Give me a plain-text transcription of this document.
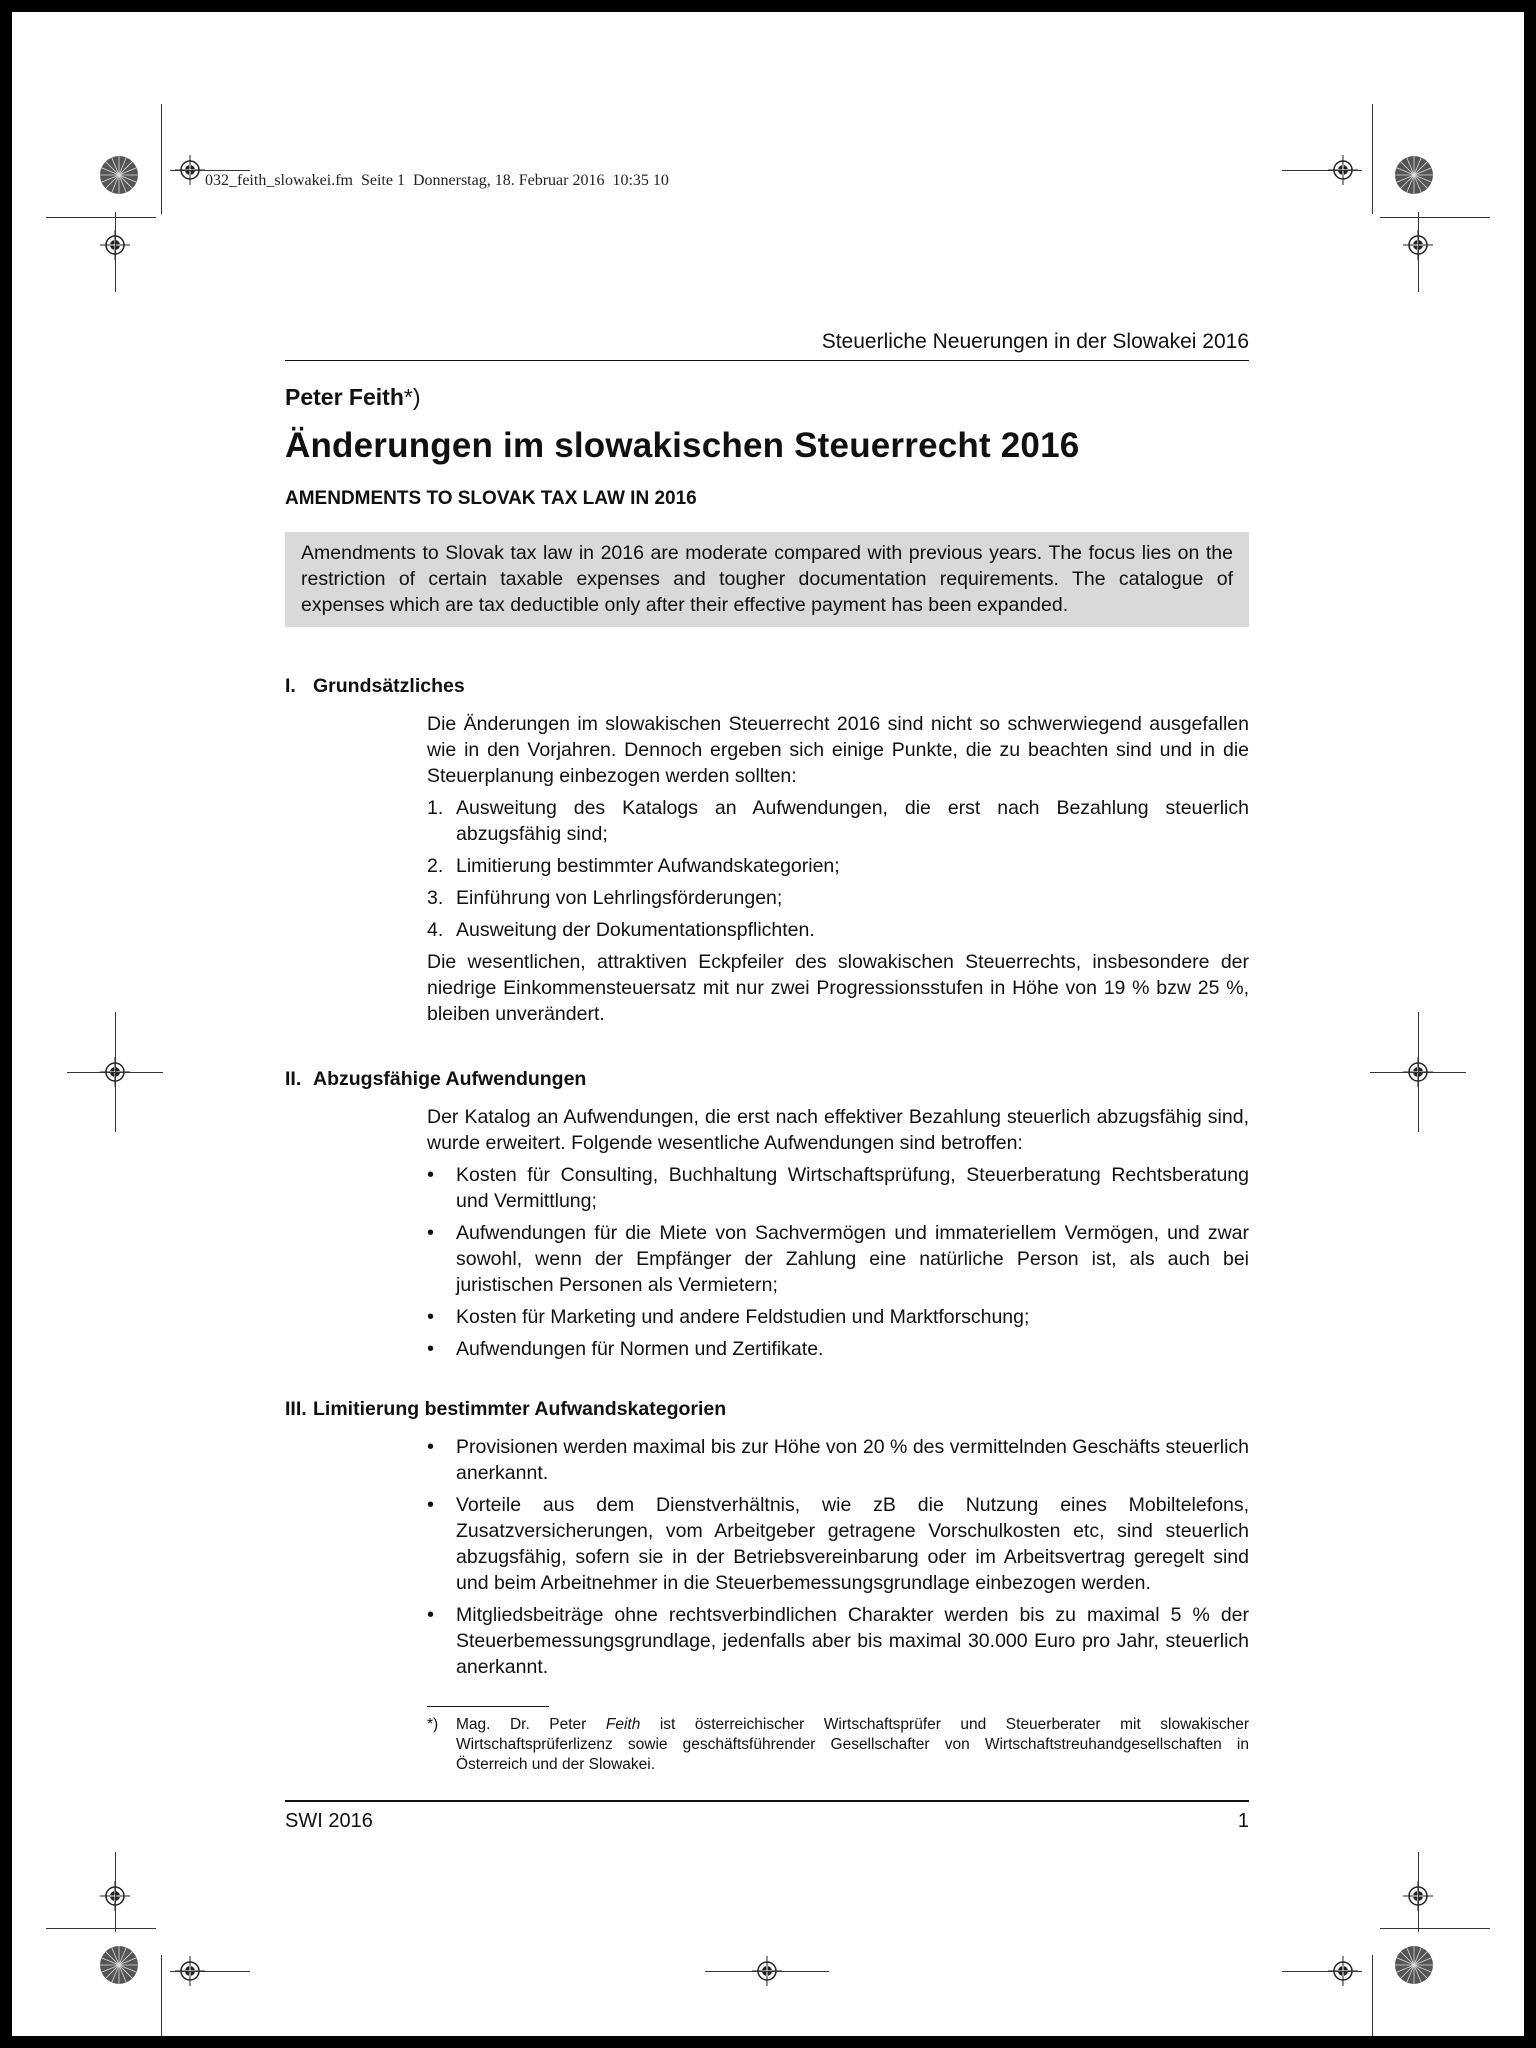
032_feith_slowakei.fm  Seite 1  Donnerstag, 18. Februar 2016  10:35 10
Steuerliche Neuerungen in der Slowakei 2016
Peter Feith*)
Änderungen im slowakischen Steuerrecht 2016
AMENDMENTS TO SLOVAK TAX LAW IN 2016
Amendments to Slovak tax law in 2016 are moderate compared with previous years. The focus lies on the restriction of certain taxable expenses and tougher documentation requirements. The catalogue of expenses which are tax deductible only after their effective payment has been expanded.
I. Grundsätzliches

Die Änderungen im slowakischen Steuerrecht 2016 sind nicht so schwerwiegend ausgefallen wie in den Vorjahren. Dennoch ergeben sich einige Punkte, die zu beachten sind und in die Steuerplanung einbezogen werden sollten:

1. Ausweitung des Katalogs an Aufwendungen, die erst nach Bezahlung steuerlich abzugsfähig sind;
2. Limitierung bestimmter Aufwandskategorien;
3. Einführung von Lehrlingsförderungen;
4. Ausweitung der Dokumentationspflichten.

Die wesentlichen, attraktiven Eckpfeiler des slowakischen Steuerrechts, insbesondere der niedrige Einkommensteuersatz mit nur zwei Progressionsstufen in Höhe von 19 % bzw 25 %, bleiben unverändert.

II. Abzugsfähige Aufwendungen

Der Katalog an Aufwendungen, die erst nach effektiver Bezahlung steuerlich abzugsfähig sind, wurde erweitert. Folgende wesentliche Aufwendungen sind betroffen:

• Kosten für Consulting, Buchhaltung Wirtschaftsprüfung, Steuerberatung Rechtsberatung und Vermittlung;
• Aufwendungen für die Miete von Sachvermögen und immateriellem Vermögen, und zwar sowohl, wenn der Empfänger der Zahlung eine natürliche Person ist, als auch bei juristischen Personen als Vermietern;
• Kosten für Marketing und andere Feldstudien und Marktforschung;
• Aufwendungen für Normen und Zertifikate.
III. Limitierung bestimmter Aufwandskategorien
• Provisionen werden maximal bis zur Höhe von 20 % des vermittelnden Geschäfts steuerlich anerkannt.
• Vorteile aus dem Dienstverhältnis, wie zB die Nutzung eines Mobiltelefons, Zusatzversicherungen, vom Arbeitgeber getragene Vorschulkosten etc, sind steuerlich abzugsfähig, sofern sie in der Betriebsvereinbarung oder im Arbeitsvertrag geregelt sind und beim Arbeitnehmer in die Steuerbemessungsgrundlage einbezogen werden.
• Mitgliedsbeiträge ohne rechtsverbindlichen Charakter werden bis zu maximal 5 % der Steuerbemessungsgrundlage, jedenfalls aber bis maximal 30.000 Euro pro Jahr, steuerlich anerkannt.
*) Mag. Dr. Peter Feith ist österreichischer Wirtschaftsprüfer und Steuerberater mit slowakischer Wirtschaftsprüferlizenz sowie geschäftsführender Gesellschafter von Wirtschaftstreuhandgesellschaften in Österreich und der Slowakei.
SWI 2016	1
